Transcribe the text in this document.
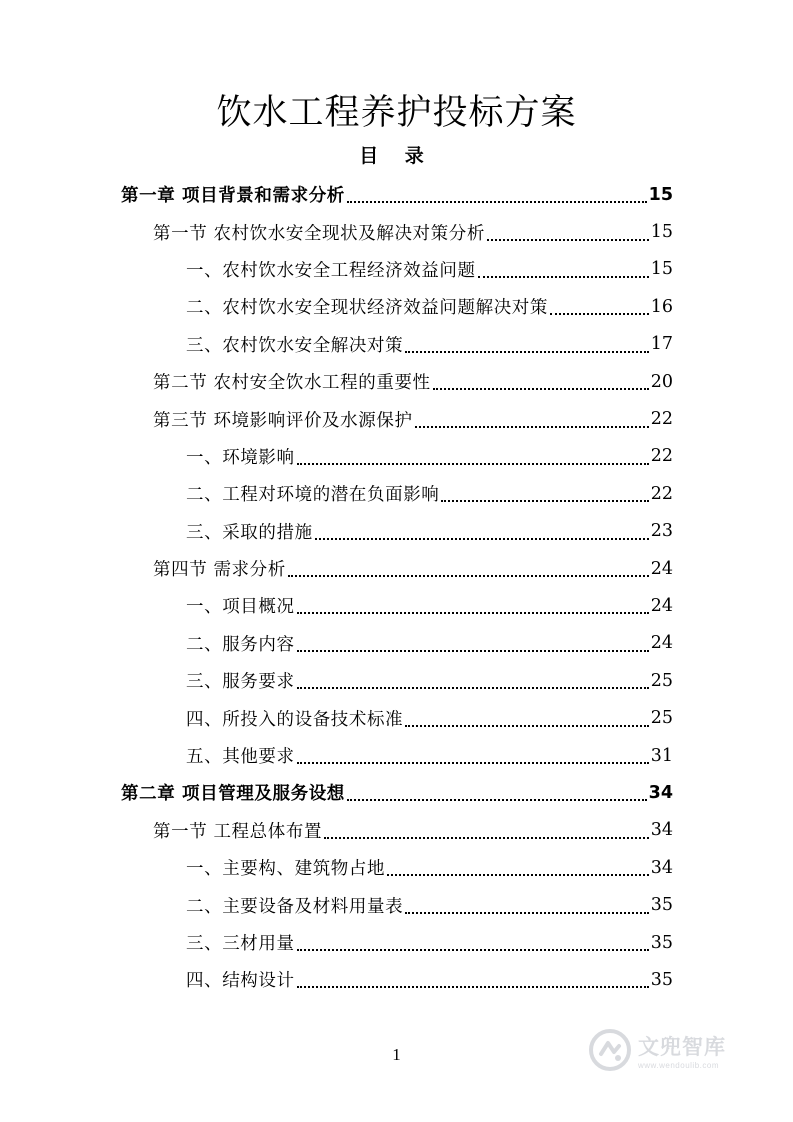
饮水工程养护投标方案
目 录
第一章 项目背景和需求分析	15
第一节 农村饮水安全现状及解决对策分析	15
一、农村饮水安全工程经济效益问题	15
二、农村饮水安全现状经济效益问题解决对策	16
三、农村饮水安全解决对策	17
第二节 农村安全饮水工程的重要性	20
第三节 环境影响评价及水源保护	22
一、环境影响	22
二、工程对环境的潜在负面影响	22
三、采取的措施	23
第四节 需求分析	24
一、项目概况	24
二、服务内容	24
三、服务要求	25
四、所投入的设备技术标准	25
五、其他要求	31
第二章 项目管理及服务设想	34
第一节 工程总体布置	34
一、主要构、建筑物占地	34
二、主要设备及材料用量表	35
三、三材用量	35
四、结构设计	35
1	文兜智库
www.wendoulib.com
